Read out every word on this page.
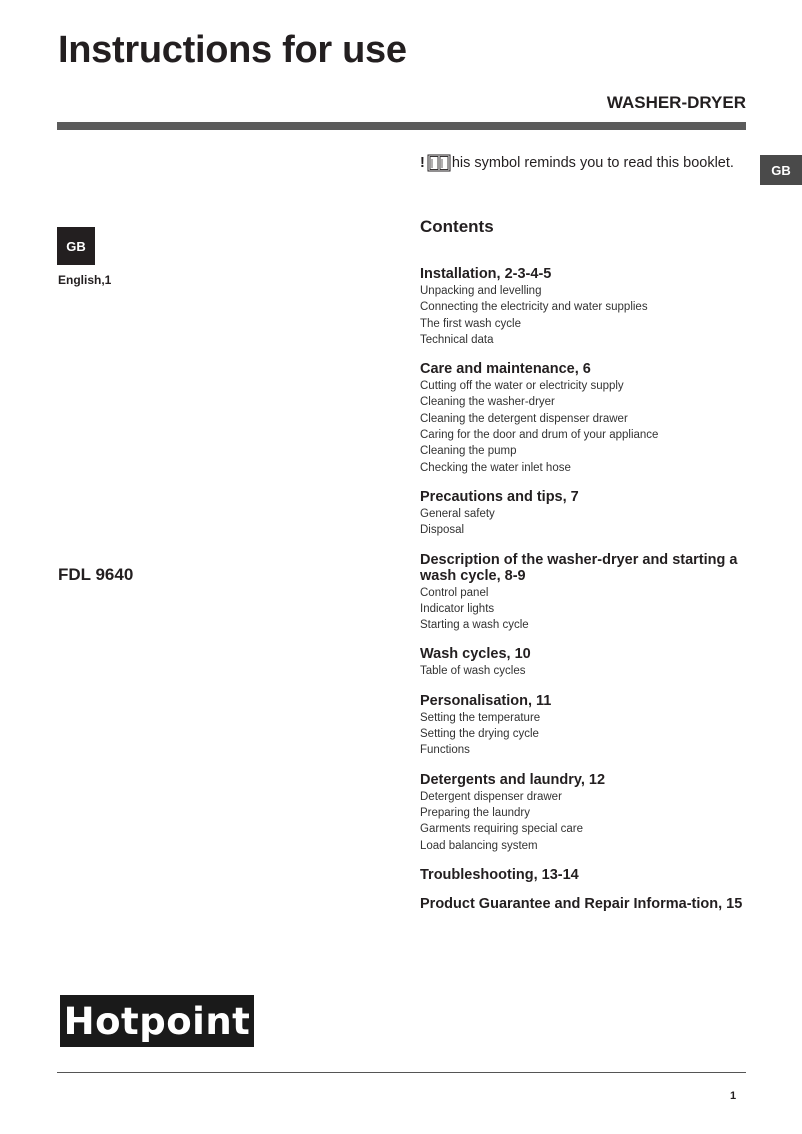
Instructions for use
WASHER-DRYER
GB
! his symbol reminds you to read this booklet.
GB
English,1
FDL 9640
Contents
Installation, 2-3-4-5
Unpacking and levelling
Connecting the electricity and water supplies
The first wash cycle
Technical data
Care and maintenance, 6
Cutting off the water or electricity supply
Cleaning the washer-dryer
Cleaning the detergent dispenser drawer
Caring for the door and drum of your appliance
Cleaning the pump
Checking the water inlet hose
Precautions and tips, 7
General safety
Disposal
Description of the washer-dryer and starting a wash cycle, 8-9
Control panel
Indicator lights
Starting a wash cycle
Wash cycles, 10
Table of wash cycles
Personalisation, 11
Setting the temperature
Setting the drying cycle
Functions
Detergents and laundry, 12
Detergent dispenser drawer
Preparing the laundry
Garments requiring special care
Load balancing system
Troubleshooting, 13-14
Product Guarantee and Repair Informa-tion, 15
Hotpoint
1
